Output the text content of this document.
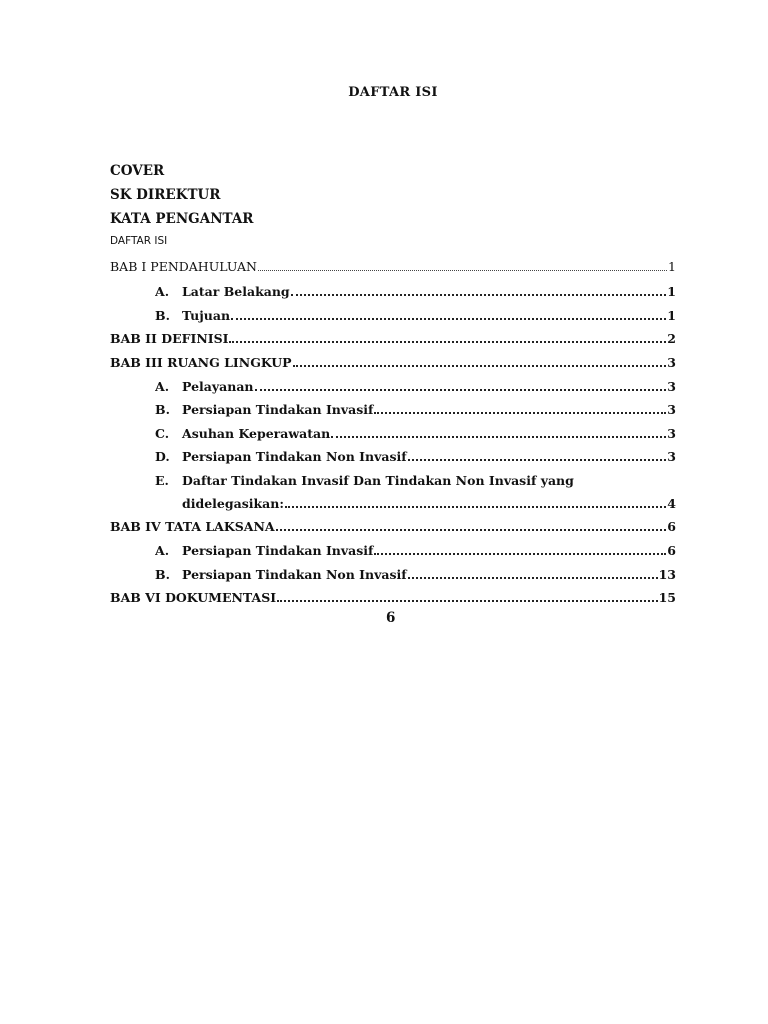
DAFTAR ISI
COVER
SK DIREKTUR
KATA PENGANTAR
DAFTAR ISI
BAB I PENDAHULUAN	1
A.	Latar Belakang	1
B. Tujuan	1
BAB II DEFINISI	2
BAB III RUANG LINGKUP	3
A.	Pelayanan	3
B. Persiapan Tindakan Invasif	3
C.	Asuhan Keperawatan	3
D. Persiapan Tindakan Non Invasif	3
E.	Daftar Tindakan Invasif Dan Tindakan Non Invasif yang
didelegasikan:	4
BAB IV TATA LAKSANA	6
A.	Persiapan Tindakan Invasif	6
B. Persiapan Tindakan Non Invasif	13
BAB VI DOKUMENTASI	15
6
